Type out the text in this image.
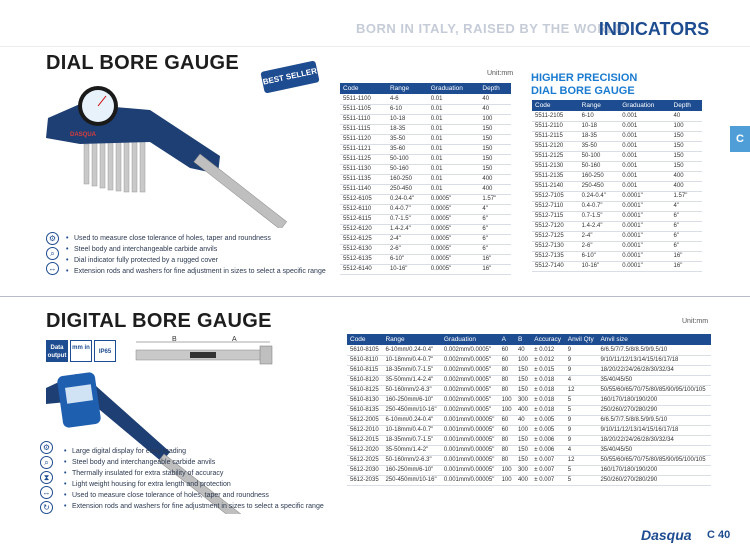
BORN IN ITALY, RAISED BY THE WORLD
INDICATORS
C
DIAL BORE GAUGE
BEST SELLER	Unit:mm
DASQUA
Code	Range	Graduation	Depth
5511-1100	4-6	0.01	40
5511-1105	6-10	0.01	40
5511-1110	10-18	0.01	100
5511-1115	18-35	0.01	150
5511-1120	35-50	0.01	150
5511-1121	35-60	0.01	150
5511-1125	50-100	0.01	150
5511-1130	50-160	0.01	150
5511-1135	160-250	0.01	400
5511-1140	250-450	0.01	400
5512-6105	0.24-0.4"	0.0005"	1.57"
5512-6110	0.4-0.7"	0.0005"	4"
5512-6115	0.7-1.5"	0.0005"	6"
5512-6120	1.4-2.4"	0.0005"	6"
5512-6125	2-4"	0.0005"	6"
5512-6130	2-6"	0.0005"	6"
5512-6135	6-10"	0.0005"	16"
5512-6140	10-16"	0.0005"	16"
⚙
⌕
↔
• Used to measure close tolerance of holes, taper and roundness
• Steel body and interchangeable carbide anvils
• Dial indicator fully protected by a rugged cover
• Extension rods and washers for fine adjustment in sizes to select a specific range
HIGHER PRECISION
DIAL BORE GAUGE
Code	Range	Graduation	Depth
5511-2105	6-10	0.001	40
5511-2110	10-18	0.001	100
5511-2115	18-35	0.001	150
5511-2120	35-50	0.001	150
5511-2125	50-100	0.001	150
5511-2130	50-160	0.001	150
5511-2135	160-250	0.001	400
5511-2140	250-450	0.001	400
5512-7105	0.24-0.4"	0.0001"	1.57"
5512-7110	0.4-0.7"	0.0001"	4"
5512-7115	0.7-1.5"	0.0001"	6"
5512-7120	1.4-2.4"	0.0001"	6"
5512-7125	2-4"	0.0001"	6"
5512-7130	2-6"	0.0001"	6"
5512-7135	6-10"	0.0001"	16"
5512-7140	10-16"	0.0001"	16"
DIGITAL BORE GAUGE	Unit:mm
Data output
mm in
IP65
B	A	Code	Range	Graduation	A	B	Accuracy	Anvil Qty	Anvil size
5610-8105	6-10mm/0.24-0.4"	0.002mm/0.0005"	60	40	± 0.012	9	6/6.5/7/7.5/8/8.5/9/9.5/10
5610-8110	10-18mm/0.4-0.7"	0.002mm/0.0005"	60	100	± 0.012	9	9/10/11/12/13/14/15/16/17/18
5610-8115	18-35mm/0.7-1.5"	0.002mm/0.0005"	80	150	± 0.015	9	18/20/22/24/26/28/30/32/34
5610-8120	35-50mm/1.4-2.4"	0.002mm/0.0005"	80	150	± 0.018	4	35/40/45/50
5610-8125	50-160mm/2-6.3"	0.002mm/0.0005"	80	150	± 0.018	12	50/55/60/65/70/75/80/85/90/95/100/105
5610-8130	160-250mm/6-10"	0.002mm/0.0005"	100	300	± 0.018	5	160/170/180/190/200
5610-8135	250-450mm/10-16"	0.002mm/0.0005"	100	400	± 0.018	5	250/260/270/280/290
5612-2005	6-10mm/0.24-0.4"	0.001mm/0.00005"	60	40	± 0.005	9	6/6.5/7/7.5/8/8.5/9/9.5/10
5612-2010	10-18mm/0.4-0.7"	0.001mm/0.00005"	60	100	± 0.005	9	9/10/11/12/13/14/15/16/17/18
5612-2015	18-35mm/0.7-1.5"	0.001mm/0.00005"	80	150	± 0.006	9	18/20/22/24/26/28/30/32/34
5612-2020	35-50mm/1.4-2"	0.001mm/0.00005"	80	150	± 0.006	4	35/40/45/50
5612-2025	50-160mm/2-6.3"	0.001mm/0.00005"	80	150	± 0.007	12	50/55/60/65/70/75/80/85/90/95/100/105
5612-2030	160-250mm/6-10"	0.001mm/0.00005"	100	300	± 0.007	5	160/170/180/190/200
5612-2035	250-450mm/10-16"	0.001mm/0.00005"	100	400	± 0.007	5	250/260/270/280/290
⚙
⌕
⧗
↔
↻
• Large digital display for easy reading
• Steel body and interchangeable carbide anvils
• Thermally insulated for extra stability of accuracy
• Light weight housing for extra length and protection
• Used to measure close tolerance of holes, taper and roundness
• Extension rods and washers for fine adjustment in sizes to select a specific range
Dasqua C 40
